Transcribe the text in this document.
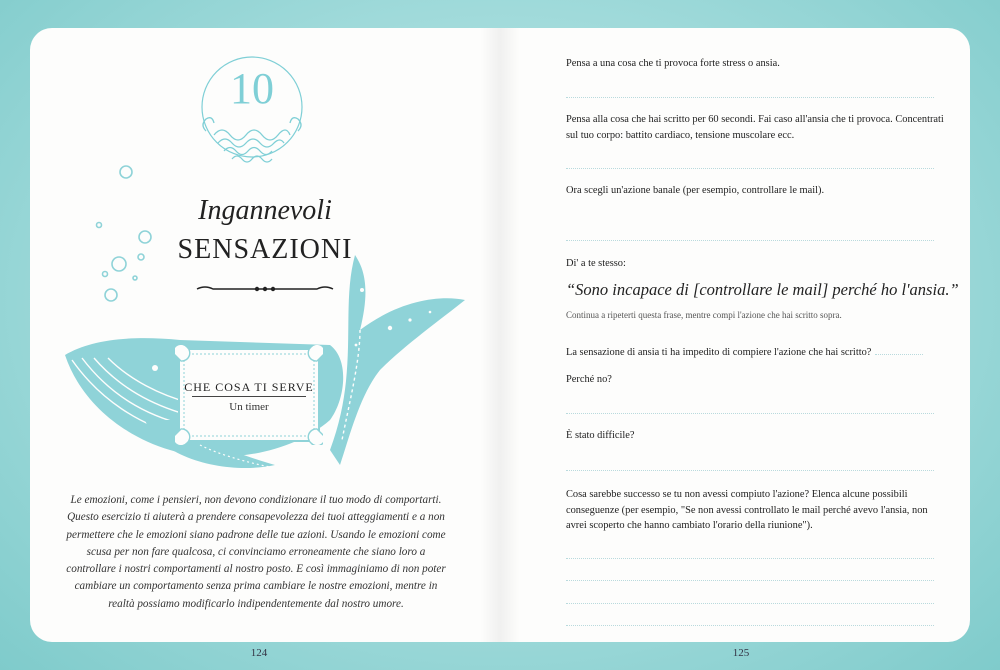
10
Ingannevoli
SENSAZIONI
CHE COSA TI SERVE
Un timer

Le emozioni, come i pensieri, non devono condizionare il tuo modo di comportarti. Questo esercizio ti aiuterà a prendere consapevolezza dei tuoi atteggiamenti e a non permettere che le emozioni siano padrone delle tue azioni. Usando le emozioni come scusa per non fare qualcosa, ci convinciamo erroneamente che siano loro a controllare i nostri comportamenti al nostro posto. E così immaginiamo di non poter cambiare un comportamento senza prima cambiare le nostre emozioni, mentre in realtà possiamo modificarlo indipendentemente dal nostro umore.

124

Pensa a una cosa che ti provoca forte stress o ansia.

Pensa alla cosa che hai scritto per 60 secondi. Fai caso all'ansia che ti provoca. Concentrati sul tuo corpo: battito cardiaco, tensione muscolare ecc.

Ora scegli un'azione banale (per esempio, controllare le mail).

Di' a te stesso:

“Sono incapace di [controllare le mail] perché ho l'ansia.”
Continua a ripeterti questa frase, mentre compi l'azione che hai scritto sopra.

La sensazione di ansia ti ha impedito di compiere l'azione che hai scritto?

Perché no?

È stato difficile?

Cosa sarebbe successo se tu non avessi compiuto l'azione? Elenca alcune possibili conseguenze (per esempio, "Se non avessi controllato le mail perché avevo l'ansia, non avrei scoperto che hanno cambiato l'orario della riunione").

125
